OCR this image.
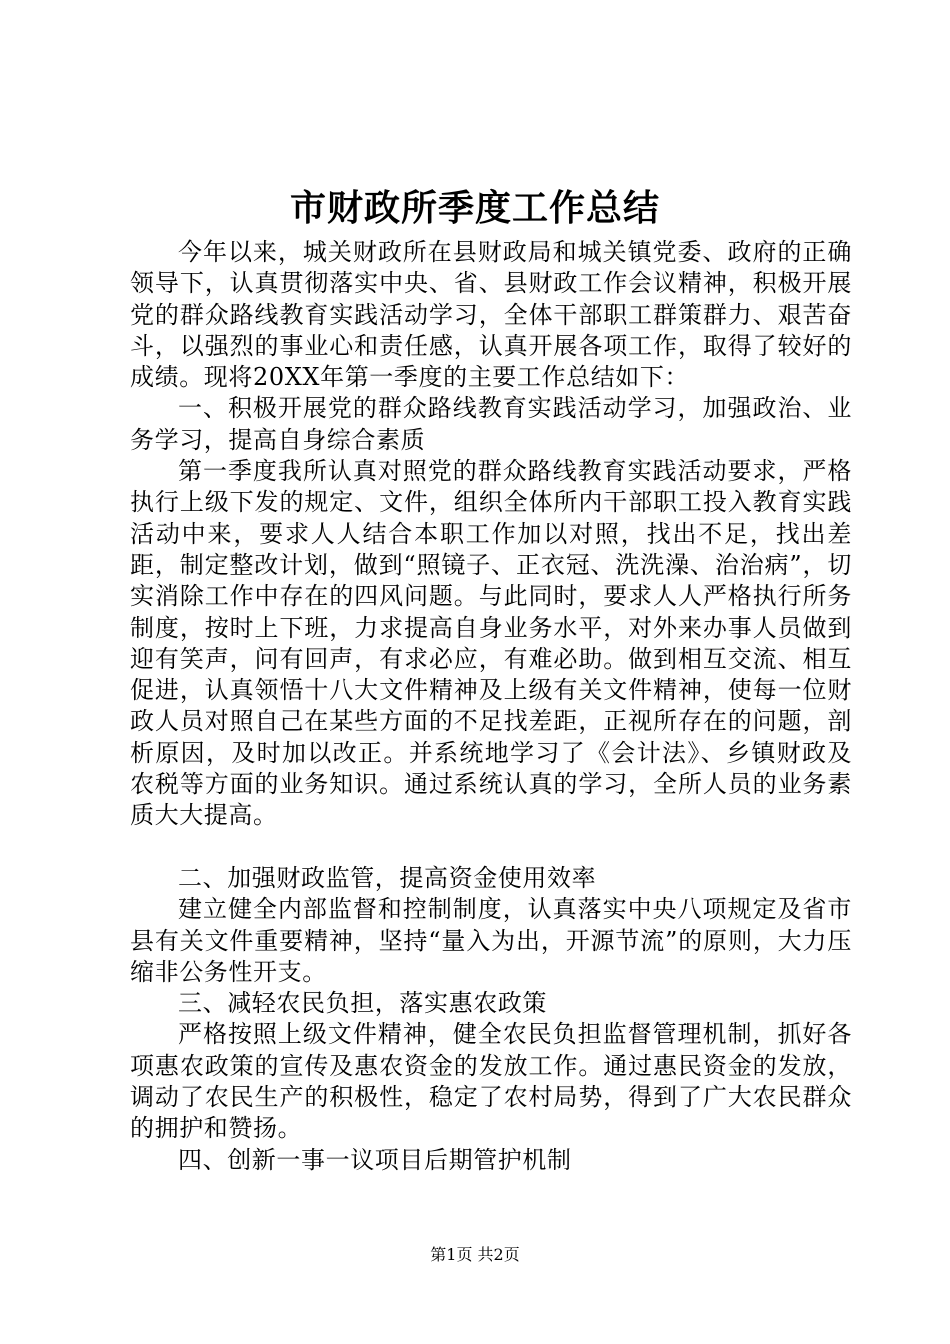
市财政所季度工作总结

今年以来，城关财政所在县财政局和城关镇党委、政府的正确领导下，认真贯彻落实中央、省、县财政工作会议精神，积极开展党的群众路线教育实践活动学习，全体干部职工群策群力、艰苦奋斗，以强烈的事业心和责任感，认真开展各项工作，取得了较好的成绩。现将20XX年第一季度的主要工作总结如下：

一、积极开展党的群众路线教育实践活动学习，加强政治、业务学习，提高自身综合素质

第一季度我所认真对照党的群众路线教育实践活动要求，严格执行上级下发的规定、文件，组织全体所内干部职工投入教育实践活动中来，要求人人结合本职工作加以对照，找出不足，找出差距，制定整改计划，做到“照镜子、正衣冠、洗洗澡、治治病”，切实消除工作中存在的四风问题。与此同时，要求人人严格执行所务制度，按时上下班，力求提高自身业务水平，对外来办事人员做到迎有笑声，问有回声，有求必应，有难必助。做到相互交流、相互促进，认真领悟十八大文件精神及上级有关文件精神，使每一位财政人员对照自己在某些方面的不足找差距，正视所存在的问题，剖析原因，及时加以改正。并系统地学习了《会计法》、乡镇财政及农税等方面的业务知识。通过系统认真的学习，全所人员的业务素质大大提高。

二、加强财政监管，提高资金使用效率

建立健全内部监督和控制制度，认真落实中央八项规定及省市县有关文件重要精神，坚持“量入为出，开源节流”的原则，大力压缩非公务性开支。

三、减轻农民负担，落实惠农政策

严格按照上级文件精神，健全农民负担监督管理机制，抓好各项惠农政策的宣传及惠农资金的发放工作。通过惠民资金的发放，调动了农民生产的积极性，稳定了农村局势，得到了广大农民群众的拥护和赞扬。

四、创新一事一议项目后期管护机制

第1页 共2页
